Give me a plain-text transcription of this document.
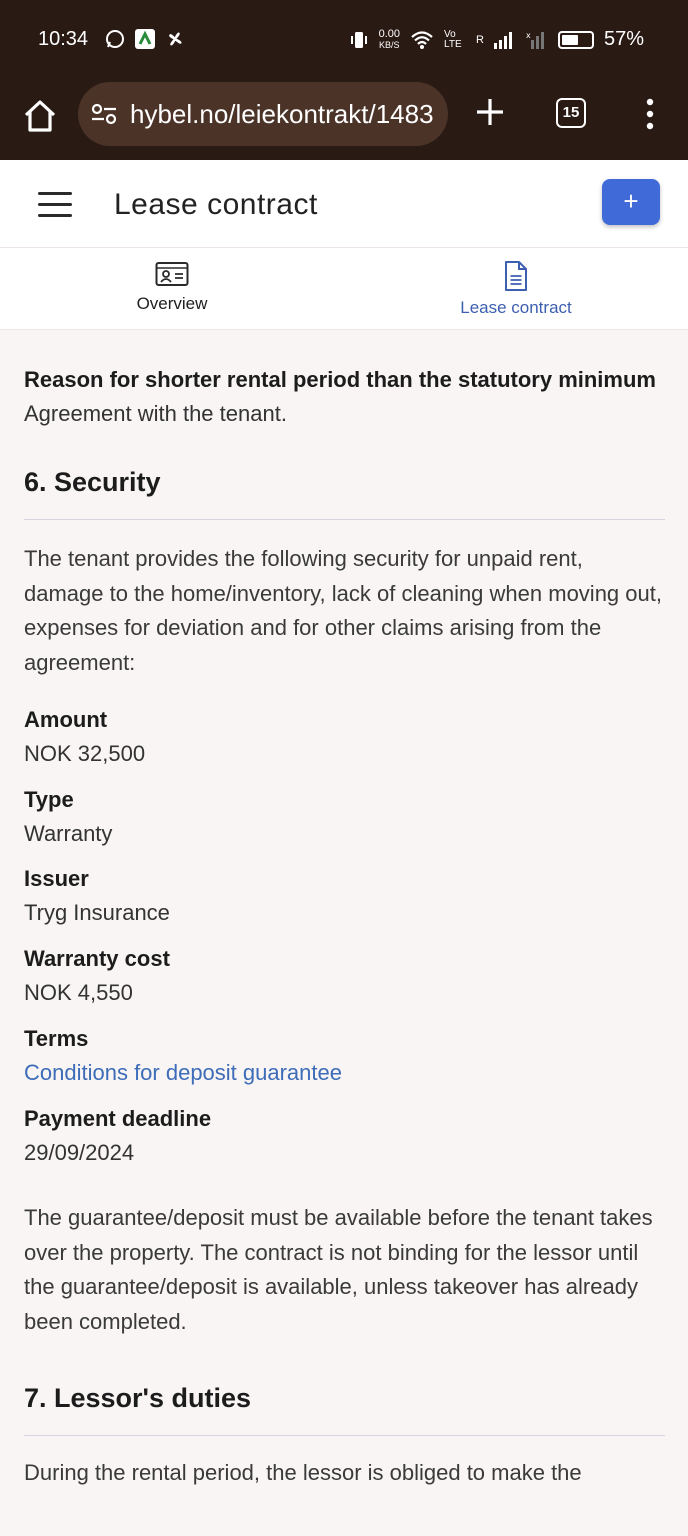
10:34	0.00
KB/S
Vo LTE	R	x	57%
hybel.no/leiekontrakt/1483	15
Lease contract	+
Overview	Lease contract
Reason for shorter rental period than the statutory minimum
Agreement with the tenant.
6. Security
The tenant provides the following security for unpaid rent, damage to the home/inventory, lack of cleaning when moving out, expenses for deviation and for other claims arising from the agreement:
Amount
NOK 32,500
Type
Warranty
Issuer
Tryg Insurance
Warranty cost
NOK 4,550
Terms
Conditions for deposit guarantee
Payment deadline
29/09/2024
The guarantee/deposit must be available before the tenant takes over the property. The contract is not binding for the lessor until the guarantee/deposit is available, unless takeover has already been completed.
7. Lessor's duties
During the rental period, the lessor is obliged to make the
